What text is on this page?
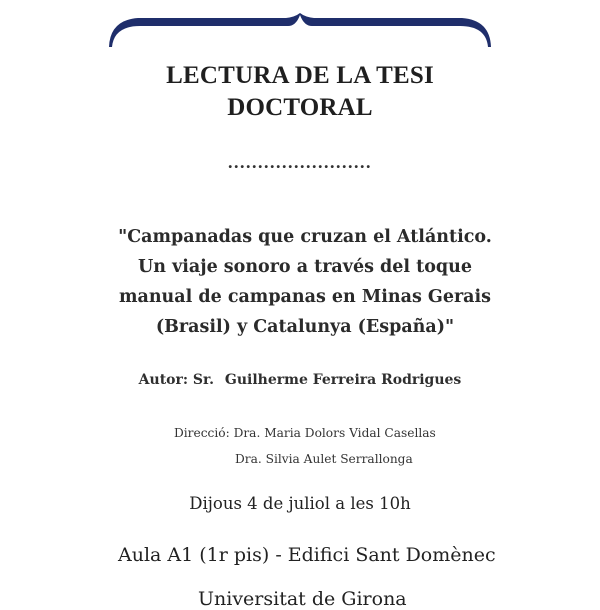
LECTURA DE LA TESI
DOCTORAL
........................
"Campanadas que cruzan el Atlántico. Un viaje sonoro a través del toque manual de campanas en Minas Gerais (Brasil) y Catalunya (España)"
Autor: Sr. Guilherme Ferreira Rodrigues
Direcció: Dra. Maria Dolors Vidal Casellas
Dra. Silvia Aulet Serrallonga
Dijous 4 de juliol a les 10h
Aula A1 (1r pis) - Edifici Sant Domènec
Universitat de Girona
